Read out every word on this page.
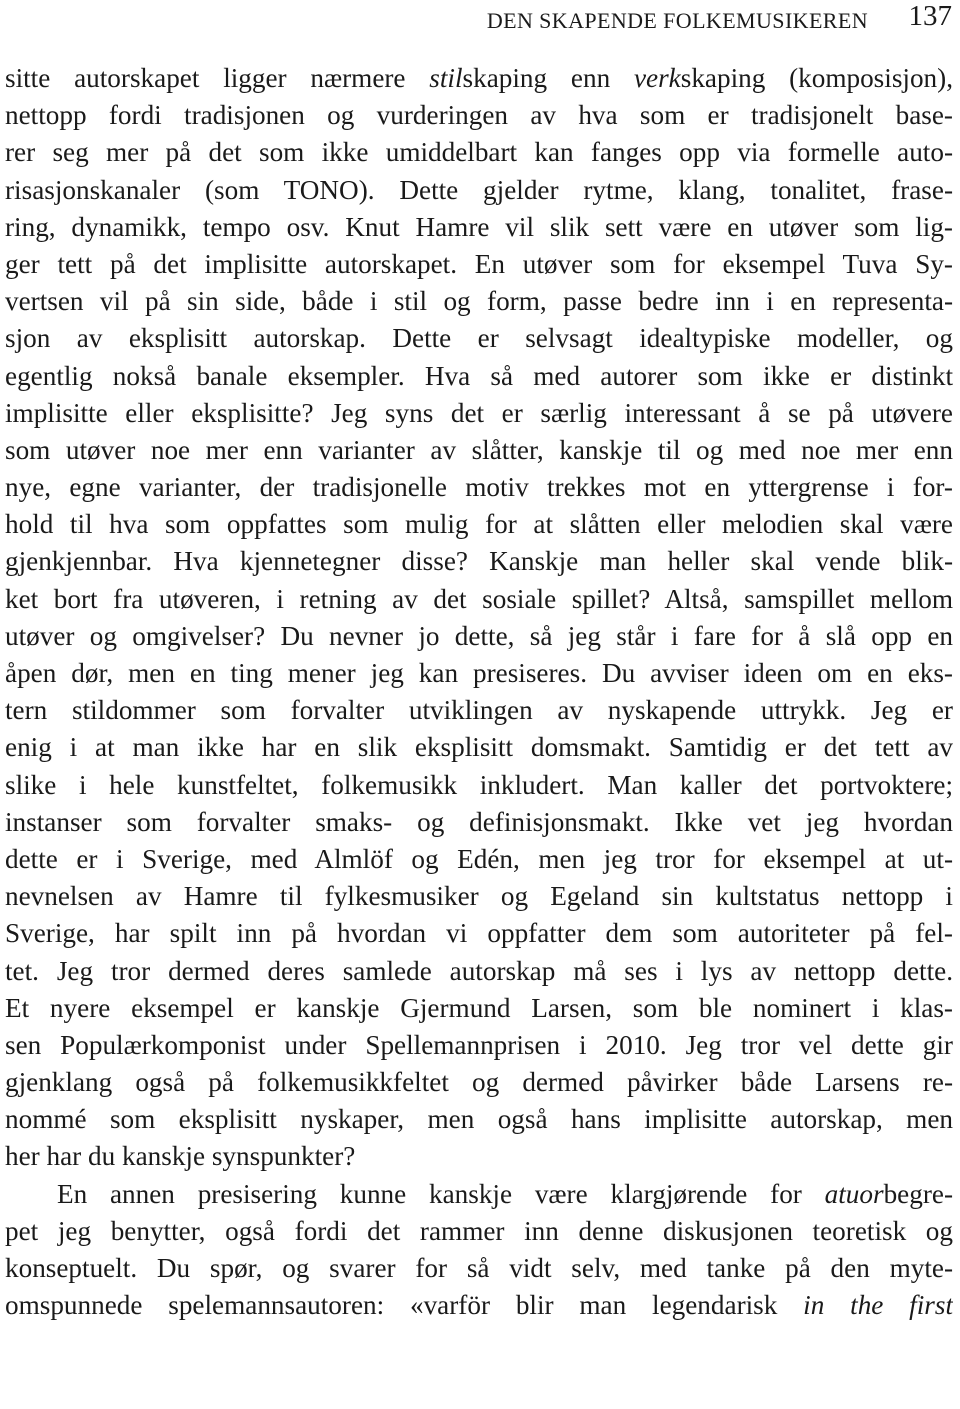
DEN SKAPENDE FOLKEMUSIKEREN 137
sitte autorskapet ligger nærmere stilskaping enn verkskaping (komposisjon),
nettopp fordi tradisjonen og vurderingen av hva som er tradisjonelt base-
rer seg mer på det som ikke umiddelbart kan fanges opp via formelle auto-
risasjonskanaler (som TONO). Dette gjelder rytme, klang, tonalitet, frase-
ring, dynamikk, tempo osv. Knut Hamre vil slik sett være en utøver som lig-
ger tett på det implisitte autorskapet. En utøver som for eksempel Tuva Sy-
vertsen vil på sin side, både i stil og form, passe bedre inn i en representa-
sjon av eksplisitt autorskap. Dette er selvsagt idealtypiske modeller, og
egentlig nokså banale eksempler. Hva så med autorer som ikke er distinkt
implisitte eller eksplisitte? Jeg syns det er særlig interessant å se på utøvere
som utøver noe mer enn varianter av slåtter, kanskje til og med noe mer enn
nye, egne varianter, der tradisjonelle motiv trekkes mot en yttergrense i for-
hold til hva som oppfattes som mulig for at slåtten eller melodien skal være
gjenkjennbar. Hva kjennetegner disse? Kanskje man heller skal vende blik-
ket bort fra utøveren, i retning av det sosiale spillet? Altså, samspillet mellom
utøver og omgivelser? Du nevner jo dette, så jeg står i fare for å slå opp en
åpen dør, men en ting mener jeg kan presiseres. Du avviser ideen om en eks-
tern stildommer som forvalter utviklingen av nyskapende uttrykk. Jeg er
enig i at man ikke har en slik eksplisitt domsmakt. Samtidig er det tett av
slike i hele kunstfeltet, folkemusikk inkludert. Man kaller det portvoktere;
instanser som forvalter smaks- og definisjonsmakt. Ikke vet jeg hvordan
dette er i Sverige, med Almlöf og Edén, men jeg tror for eksempel at ut-
nevnelsen av Hamre til fylkesmusiker og Egeland sin kultstatus nettopp i
Sverige, har spilt inn på hvordan vi oppfatter dem som autoriteter på fel-
tet. Jeg tror dermed deres samlede autorskap må ses i lys av nettopp dette.
Et nyere eksempel er kanskje Gjermund Larsen, som ble nominert i klas-
sen Populærkomponist under Spellemannprisen i 2010. Jeg tror vel dette gir
gjenklang også på folkemusikkfeltet og dermed påvirker både Larsens re-
nommé som eksplisitt nyskaper, men også hans implisitte autorskap, men
her har du kanskje synspunkter?
En annen presisering kunne kanskje være klargjørende for atuorbegre-
pet jeg benytter, også fordi det rammer inn denne diskusjonen teoretisk og
konseptuelt. Du spør, og svarer for så vidt selv, med tanke på den myte-
omspunnede spelemannsautoren: «varför blir man legendarisk in the first
